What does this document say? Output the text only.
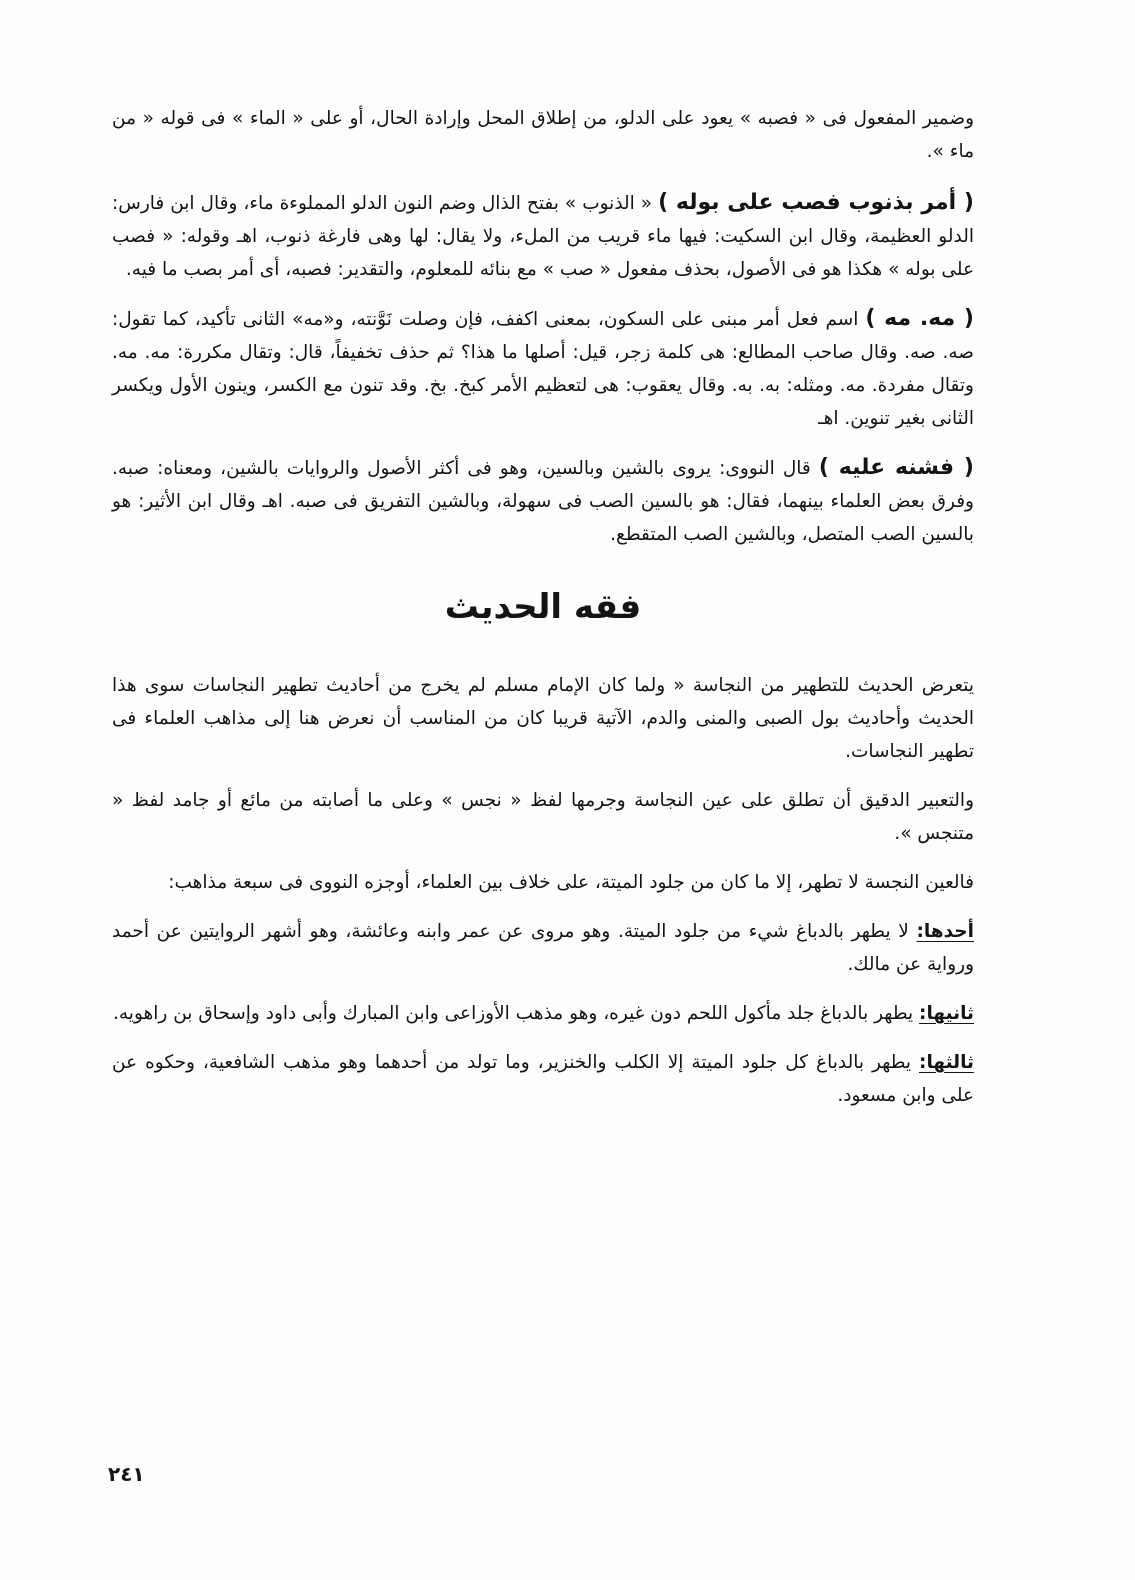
وضمير المفعول فى « فصبه » يعود على الدلو، من إطلاق المحل وإرادة الحال، أو على « الماء » فى قوله « من ماء ».

( أمر بذنوب فصب على بوله ) « الذنوب » بفتح الذال وضم النون الدلو المملوءة ماء، وقال ابن فارس: الدلو العظيمة، وقال ابن السكيت: فيها ماء قريب من الملء، ولا يقال: لها وهى فارغة ذنوب، اهـ وقوله: « فصب على بوله » هكذا هو فى الأصول، بحذف مفعول « صب » مع بنائه للمعلوم، والتقدير: فصبه، أى أمر بصب ما فيه.

( مه. مه ) اسم فعل أمر مبنى على السكون، بمعنى اكفف، فإن وصلت نَوَّنته، و«مه» الثانى تأكيد، كما تقول: صه. صه. وقال صاحب المطالع: هى كلمة زجر، قيل: أصلها ما هذا؟ ثم حذف تخفيفاً، قال: وتقال مكررة: مه. مه. وتقال مفردة. مه. ومثله: به. به. وقال يعقوب: هى لتعظيم الأمر كبخ. بخ. وقد تنون مع الكسر، وينون الأول ويكسر الثانى بغير تنوين. اهـ

( فشنه عليه ) قال النووى: يروى بالشين وبالسين، وهو فى أكثر الأصول والروايات بالشين، ومعناه: صبه. وفرق بعض العلماء بينهما، فقال: هو بالسين الصب فى سهولة، وبالشين التفريق فى صبه. اهـ وقال ابن الأثير: هو بالسين الصب المتصل، وبالشين الصب المتقطع.

فقه الحديث

يتعرض الحديث للتطهير من النجاسة « ولما كان الإمام مسلم لم يخرج من أحاديث تطهير النجاسات سوى هذا الحديث وأحاديث بول الصبى والمنى والدم، الآتية قريبا كان من المناسب أن نعرض هنا إلى مذاهب العلماء فى تطهير النجاسات.

والتعبير الدقيق أن تطلق على عين النجاسة وجرمها لفظ « نجس » وعلى ما أصابته من مائع أو جامد لفظ « متنجس ».

فالعين النجسة لا تطهر، إلا ما كان من جلود الميتة، على خلاف بين العلماء، أوجزه النووى فى سبعة مذاهب:

أحدها: لا يطهر بالدباغ شيء من جلود الميتة. وهو مروى عن عمر وابنه وعائشة، وهو أشهر الروايتين عن أحمد ورواية عن مالك.

ثانيها: يطهر بالدباغ جلد مأكول اللحم دون غيره، وهو مذهب الأوزاعى وابن المبارك وأبى داود وإسحاق بن راهويه.

ثالثها: يطهر بالدباغ كل جلود الميتة إلا الكلب والخنزير، وما تولد من أحدهما وهو مذهب الشافعية، وحكوه عن على وابن مسعود.

٢٤١
